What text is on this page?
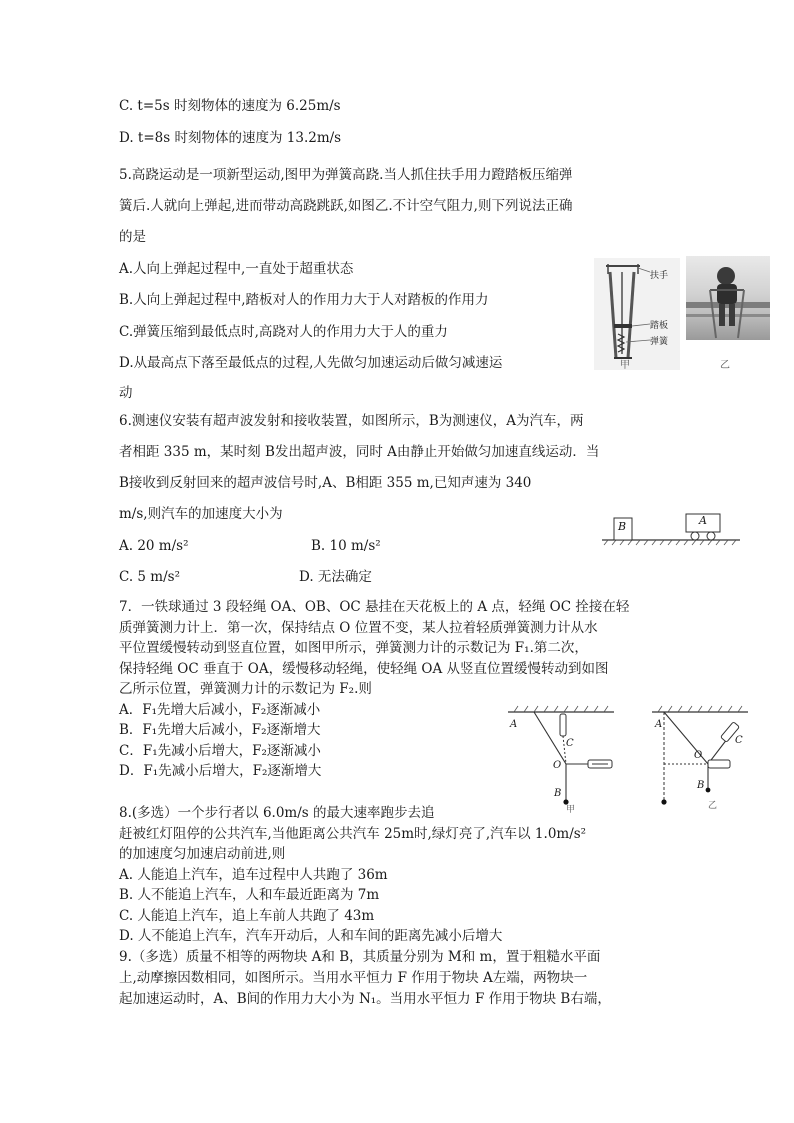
C. t=5s 时刻物体的速度为 6.25m/s
D. t=8s 时刻物体的速度为 13.2m/s
5.高跷运动是一项新型运动,图甲为弹簧高跷.当人抓住扶手用力蹬踏板压缩弹
簧后.人就向上弹起,进而带动高跷跳跃,如图乙.不计空气阻力,则下列说法正确
的是
A.人向上弹起过程中,一直处于超重状态
B.人向上弹起过程中,踏板对人的作用力大于人对踏板的作用力
C.弹簧压缩到最低点时,高跷对人的作用力大于人的重力
D.从最高点下落至最低点的过程,人先做匀加速运动后做匀减速运
动
6.测速仪安装有超声波发射和接收装置，如图所示，B为测速仪，A为汽车，两
者相距 335 m，某时刻 B发出超声波，同时 A由静止开始做匀加速直线运动．当
B接收到反射回来的超声波信号时,A、B相距 355 m,已知声速为 340
m/s,则汽车的加速度大小为
A. 20 m/s²	B. 10 m/s²
C. 5 m/s²	D. 无法确定
7．一铁球通过 3 段轻绳 OA、OB、OC 悬挂在天花板上的 A 点，轻绳 OC 拴接在轻
质弹簧测力计上．第一次，保持结点 O 位置不变，某人拉着轻质弹簧测力计从水
平位置缓慢转动到竖直位置，如图甲所示，弹簧测力计的示数记为 F₁.第二次，
保持轻绳 OC 垂直于 OA，缓慢移动轻绳，使轻绳 OA 从竖直位置缓慢转动到如图
乙所示位置，弹簧测力计的示数记为 F₂.则
A．F₁先增大后减小，F₂逐渐减小
B．F₁先增大后减小，F₂逐渐增大
C．F₁先减小后增大，F₂逐渐减小
D．F₁先减小后增大，F₂逐渐增大
8.(多选）一个步行者以 6.0m/s 的最大速率跑步去追
赶被红灯阻停的公共汽车,当他距离公共汽车 25m时,绿灯亮了,汽车以 1.0m/s²
的加速度匀加速启动前进,则
A. 人能追上汽车，追车过程中人共跑了 36m
B. 人不能追上汽车，人和车最近距离为 7m
C. 人能追上汽车，追上车前人共跑了 43m
D. 人不能追上汽车，汽车开动后，人和车间的距离先减小后增大
9.（多选）质量不相等的两物块 A和 B，其质量分别为 M和 m，置于粗糙水平面
上,动摩擦因数相同，如图所示。当用水平恒力 F 作用于物块 A左端，两物块一
起加速运动时，A、B间的作用力大小为 N₁。当用水平恒力 F 作用于物块 B右端，
扶手
踏板
弹簧
甲	乙
B	A
A
C
O
B
甲
A
C
O
B
乙
